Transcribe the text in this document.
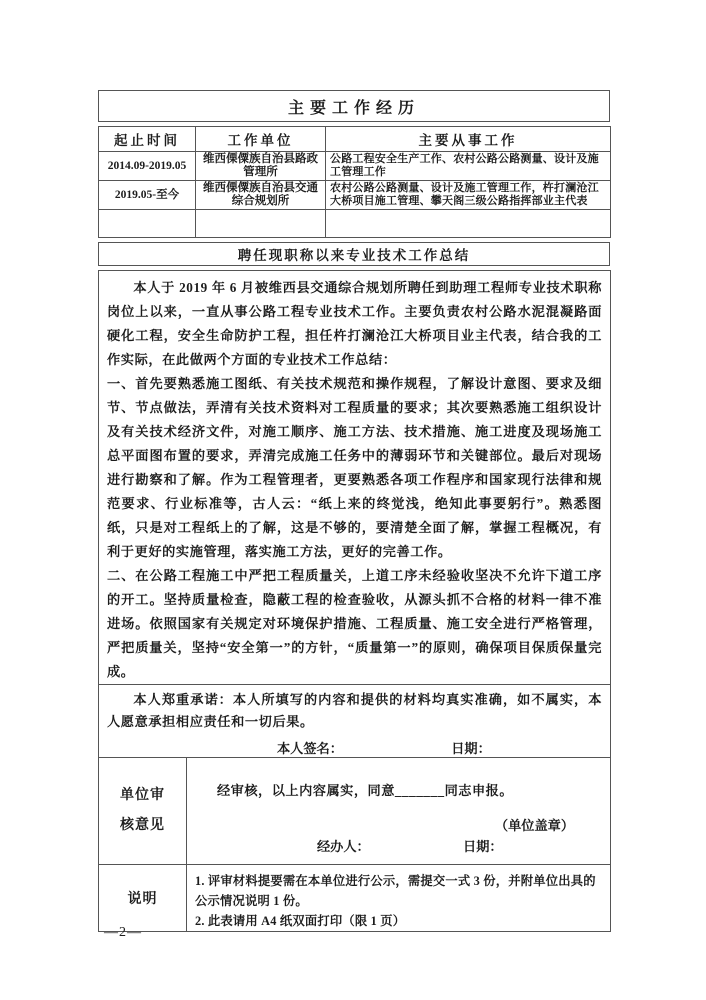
主要工作经历
起止时间	工作单位	主要从事工作
2014.09-2019.05	维西傈僳族自治县路政管理所	公路工程安全生产工作、农村公路公路测量、设计及施工管理工作
2019.05-至今	维西傈僳族自治县交通综合规划所	农村公路公路测量、设计及施工管理工作，杵打澜沧江大桥项目施工管理、攀天阁三级公路指挥部业主代表

聘任现职称以来专业技术工作总结

本人于 2019 年 6 月被维西县交通综合规划所聘任到助理工程师专业技术职称岗位上以来，一直从事公路工程专业技术工作。主要负责农村公路水泥混凝路面硬化工程，安全生命防护工程，担任杵打澜沧江大桥项目业主代表，结合我的工作实际，在此做两个方面的专业技术工作总结：

一、首先要熟悉施工图纸、有关技术规范和操作规程，了解设计意图、要求及细节、节点做法，弄清有关技术资料对工程质量的要求；其次要熟悉施工组织设计及有关技术经济文件，对施工顺序、施工方法、技术措施、施工进度及现场施工总平面图布置的要求，弄清完成施工任务中的薄弱环节和关键部位。最后对现场进行勘察和了解。作为工程管理者，更要熟悉各项工作程序和国家现行法律和规范要求、行业标准等，古人云：“纸上来的终觉浅，绝知此事要躬行”。熟悉图纸，只是对工程纸上的了解，这是不够的，要清楚全面了解，掌握工程概况，有利于更好的实施管理，落实施工方法，更好的完善工作。

二、在公路工程施工中严把工程质量关，上道工序未经验收坚决不允许下道工序的开工。坚持质量检查，隐蔽工程的检查验收，从源头抓不合格的材料一律不准进场。依照国家有关规定对环境保护措施、工程质量、施工安全进行严格管理，严把质量关，坚持“安全第一”的方针，“质量第一”的原则，确保项目保质保量完成。	

本人郑重承诺：本人所填写的内容和提供的材料均真实准确，如不属实，本人愿意承担相应责任和一切后果。

本人签名： 日期：	

单位审
核意见

经审核，以上内容属实，同意_______同志申报。

（单位盖章）

经办人：	日期：

说明	1. 评审材料提要需在本单位进行公示，需提交一式 3 份，并附单位出具的公示情况说明 1 份。

2. 此表请用 A4 纸双面打印（限 1 页）

—2—
